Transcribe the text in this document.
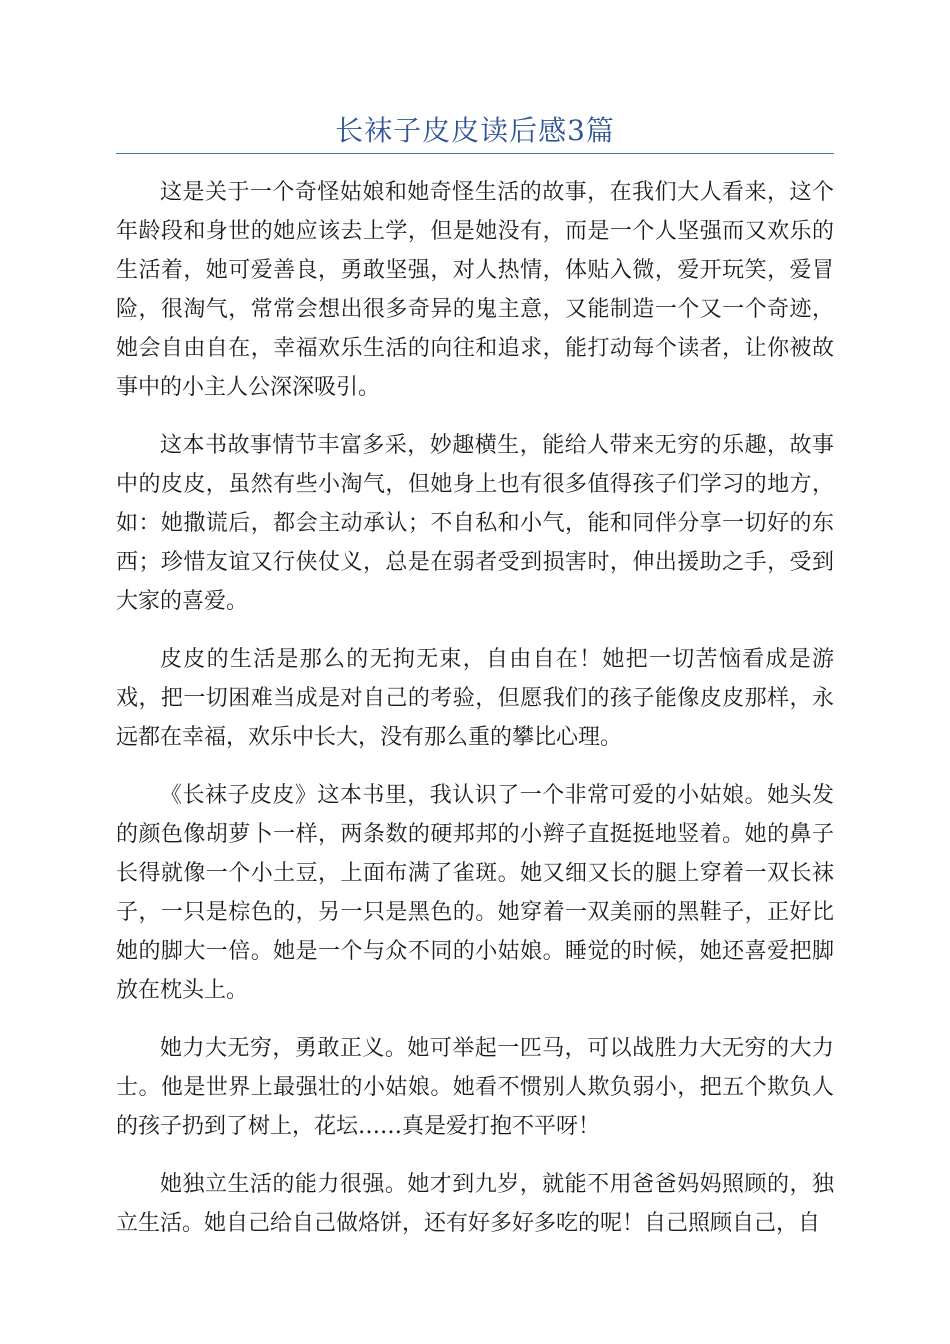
长袜子皮皮读后感3篇

这是关于一个奇怪姑娘和她奇怪生活的故事，在我们大人看来，这个年龄段和身世的她应该去上学，但是她没有，而是一个人坚强而又欢乐的生活着，她可爱善良，勇敢坚强，对人热情，体贴入微，爱开玩笑，爱冒险，很淘气，常常会想出很多奇异的鬼主意，又能制造一个又一个奇迹，她会自由自在，幸福欢乐生活的向往和追求，能打动每个读者，让你被故事中的小主人公深深吸引。

这本书故事情节丰富多采，妙趣横生，能给人带来无穷的乐趣，故事中的皮皮，虽然有些小淘气，但她身上也有很多值得孩子们学习的地方，如：她撒谎后，都会主动承认；不自私和小气，能和同伴分享一切好的东西；珍惜友谊又行侠仗义，总是在弱者受到损害时，伸出援助之手，受到大家的喜爱。

皮皮的生活是那么的无拘无束，自由自在！她把一切苦恼看成是游戏，把一切困难当成是对自己的考验，但愿我们的孩子能像皮皮那样，永远都在幸福，欢乐中长大，没有那么重的攀比心理。

《长袜子皮皮》这本书里，我认识了一个非常可爱的小姑娘。她头发的颜色像胡萝卜一样，两条数的硬邦邦的小辫子直挺挺地竖着。她的鼻子长得就像一个小土豆，上面布满了雀斑。她又细又长的腿上穿着一双长袜子，一只是棕色的，另一只是黑色的。她穿着一双美丽的黑鞋子，正好比她的脚大一倍。她是一个与众不同的小姑娘。睡觉的时候，她还喜爱把脚放在枕头上。

她力大无穷，勇敢正义。她可举起一匹马，可以战胜力大无穷的大力士。他是世界上最强壮的小姑娘。她看不惯别人欺负弱小，把五个欺负人的孩子扔到了树上，花坛……真是爱打抱不平呀！

她独立生活的能力很强。她才到九岁，就能不用爸爸妈妈照顾的，独立生活。她自己给自己做烙饼，还有好多好多吃的呢！自己照顾自己，自
